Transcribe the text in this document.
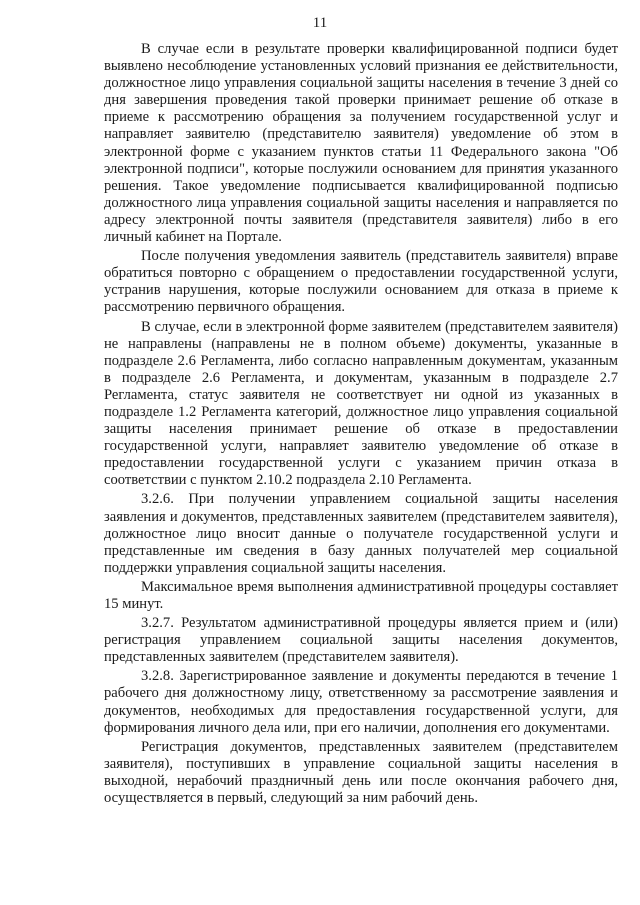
11

В случае если в результате проверки квалифицированной подписи будет выявлено несоблюдение установленных условий признания ее действительности, должностное лицо управления социальной защиты населения в течение 3 дней со дня завершения проведения такой проверки принимает решение об отказе в приеме к рассмотрению обращения за получением государственной услуг и направляет заявителю (представителю заявителя) уведомление об этом в электронной форме с указанием пунктов статьи 11 Федерального закона "Об электронной подписи", которые послужили основанием для принятия указанного решения. Такое уведомление подписывается квалифицированной подписью должностного лица управления социальной защиты населения и направляется по адресу электронной почты заявителя (представителя заявителя) либо в его личный кабинет на Портале.

После получения уведомления заявитель (представитель заявителя) вправе обратиться повторно с обращением о предоставлении государственной услуги, устранив нарушения, которые послужили основанием для отказа в приеме к рассмотрению первичного обращения.

В случае, если в электронной форме заявителем (представителем заявителя) не направлены (направлены не в полном объеме) документы, указанные в подразделе 2.6 Регламента, либо согласно направленным документам, указанным в подразделе 2.6 Регламента, и документам, указанным в подразделе 2.7 Регламента, статус заявителя не соответствует ни одной из указанных в подразделе 1.2 Регламента категорий, должностное лицо управления социальной защиты населения принимает решение об отказе в предоставлении государственной услуги, направляет заявителю уведомление об отказе в предоставлении государственной услуги с указанием причин отказа в соответствии с пунктом 2.10.2 подраздела 2.10 Регламента.

3.2.6. При получении управлением социальной защиты населения заявления и документов, представленных заявителем (представителем заявителя), должностное лицо вносит данные о получателе государственной услуги и представленные им сведения в базу данных получателей мер социальной поддержки управления социальной защиты населения.

Максимальное время выполнения административной процедуры составляет 15 минут.

3.2.7. Результатом административной процедуры является прием и (или) регистрация управлением социальной защиты населения документов, представленных заявителем (представителем заявителя).

3.2.8. Зарегистрированное заявление и документы передаются в течение 1 рабочего дня должностному лицу, ответственному за рассмотрение заявления и документов, необходимых для предоставления государственной услуги, для формирования личного дела или, при его наличии, дополнения его документами.

Регистрация документов, представленных заявителем (представителем заявителя), поступивших в управление социальной защиты населения в выходной, нерабочий праздничный день или после окончания рабочего дня, осуществляется в первый, следующий за ним рабочий день.
